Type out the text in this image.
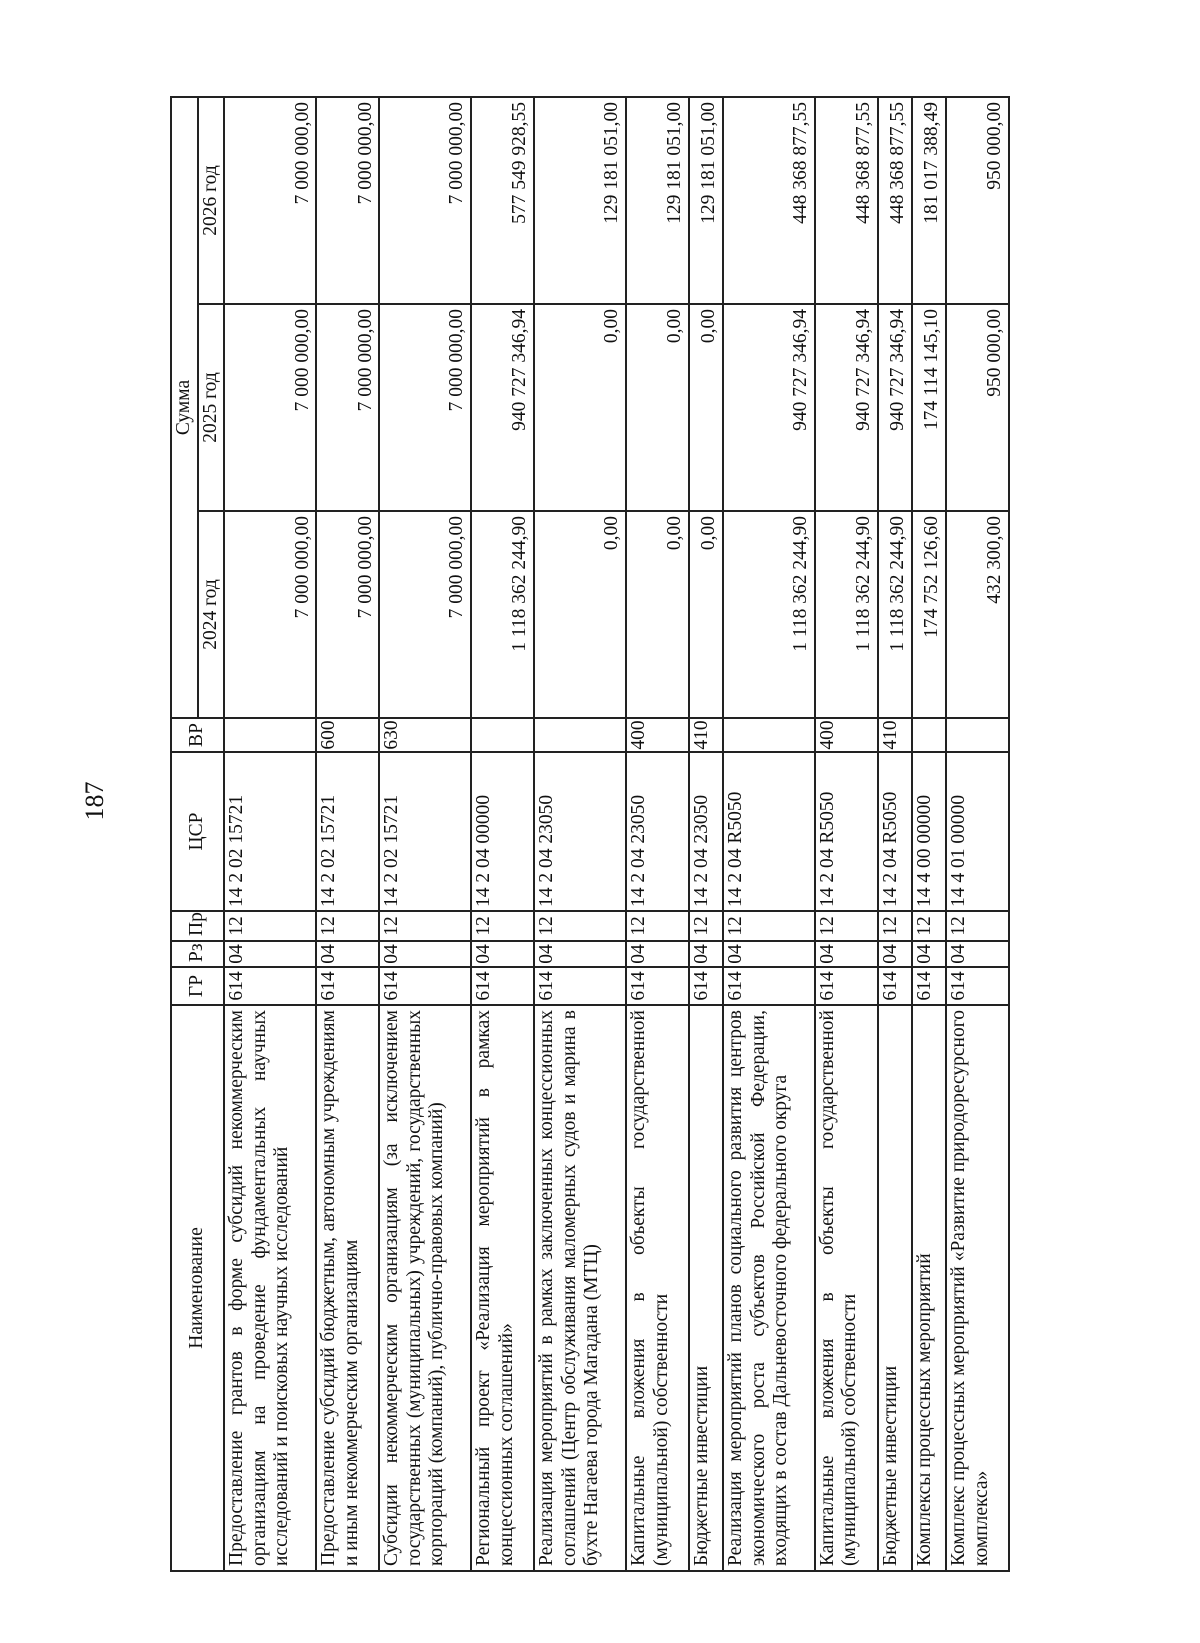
187
Наименование	ГР	Рз	Пр	ЦСР	ВР	Сумма		
						2024 год	2025 год	2026 год
Предоставление грантов в форме субсидий некоммерческим организациям на проведение фундаментальных научных исследований и поисковых научных исследований	614	04	12	14 2 02 15721		7 000 000,00	7 000 000,00	7 000 000,00
Предоставление субсидий бюджетным, автономным учреждениям и иным некоммерческим организациям	614	04	12	14 2 02 15721	600	7 000 000,00	7 000 000,00	7 000 000,00
Субсидии некоммерческим организациям (за исключением государственных (муниципальных) учреждений, государственных корпораций (компаний), публично-правовых компаний)	614	04	12	14 2 02 15721	630	7 000 000,00	7 000 000,00	7 000 000,00
Региональный проект «Реализация мероприятий в рамках концессионных соглашений»	614	04	12	14 2 04 00000		1 118 362 244,90	940 727 346,94	577 549 928,55
Реализация мероприятий в рамках заключенных концессионных соглашений (Центр обслуживания маломерных судов и марина в бухте Нагаева города Магадана (МТЦ)	614	04	12	14 2 04 23050		0,00	0,00	129 181 051,00
Капитальные вложения в объекты государственной (муниципальной) собственности	614	04	12	14 2 04 23050	400	0,00	0,00	129 181 051,00
Бюджетные инвестиции	614	04	12	14 2 04 23050	410	0,00	0,00	129 181 051,00
Реализация мероприятий планов социального развития центров экономического роста субъектов Российской Федерации, входящих в состав Дальневосточного федерального округа	614	04	12	14 2 04 R5050		1 118 362 244,90	940 727 346,94	448 368 877,55
Капитальные вложения в объекты государственной (муниципальной) собственности	614	04	12	14 2 04 R5050	400	1 118 362 244,90	940 727 346,94	448 368 877,55
Бюджетные инвестиции	614	04	12	14 2 04 R5050	410	1 118 362 244,90	940 727 346,94	448 368 877,55
Комплексы процессных мероприятий	614	04	12	14 4 00 00000		174 752 126,60	174 114 145,10	181 017 388,49
Комплекс процессных мероприятий «Развитие природоресурсного комплекса»	614	04	12	14 4 01 00000		432 300,00	950 000,00	950 000,00
